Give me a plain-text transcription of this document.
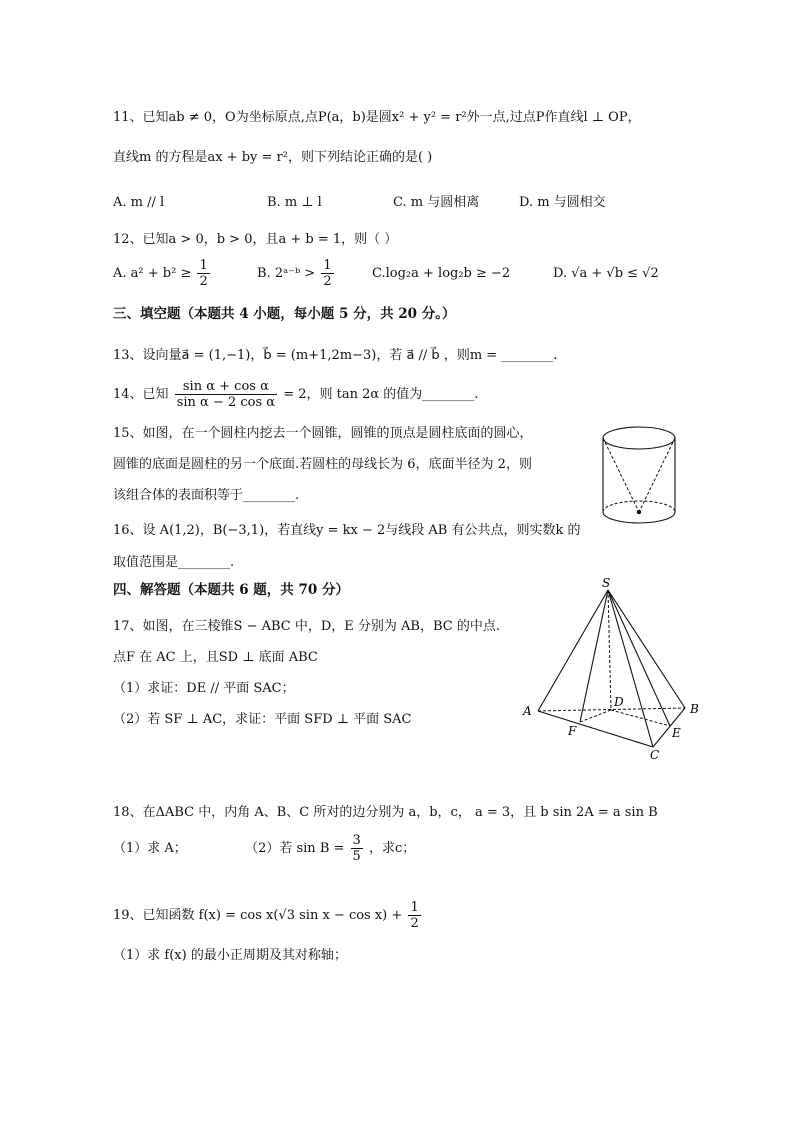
11、已知ab ≠ 0，O为坐标原点,点P(a，b)是圆x² + y² = r²外一点,过点P作直线l ⊥ OP，
直线m 的方程是ax + by = r²，则下列结论正确的是( )
A. m // l	B. m ⊥ l	C. m 与圆相离	D. m 与圆相交
12、已知a > 0，b > 0，且a + b = 1，则（ ）
A. $a^2 + b^2 \ge \frac{1}{2}$	B. 2ᵃ⁻ᵇ > $\frac{1}{2}$	C.log₂a + log₂b ≥ −2	D. √a + √b ≤ √2
三、填空题（本题共 4 小题，每小题 5 分，共 20 分。）
13、设向量a⃗ = (1,−1)，b⃗ = (m+1,2m−3)，若 a⃗ // b⃗ ，则m = ________.
14、已知 $\frac{\text{sin α + cos α}}{\text{sin α − 2 cos α}} = 2$，则 tan 2α 的值为________.
15、如图，在一个圆柱内挖去一个圆锥，圆锥的顶点是圆柱底面的圆心，
圆锥的底面是圆柱的另一个底面.若圆柱的母线长为 6，底面半径为 2，则
该组合体的表面积等于________.
16、设 A(1,2)，B(−3,1)，若直线y = kx − 2与线段 AB 有公共点，则实数k 的
取值范围是________.
四、解答题（本题共 6 题，共 70 分）
17、如图，在三棱锥S − ABC 中，D，E 分别为 AB，BC 的中点.
点F 在 AC 上，且SD ⊥ 底面 ABC
（1）求证：DE // 平面 SAC；
（2）若 SF ⊥ AC，求证：平面 SFD ⊥ 平面 SAC
S
A	B
C
D
E
F
18、在ΔABC 中，内角 A、B、C 所对的边分别为 a，b，c， a = 3，且 b sin 2A = a sin B
（1）求 A；	（2）若 $\sin B = \frac{3}{5}$ ，求c；
19、已知函数 f(x) = cos x(√3 $\sin x - \cos x) + \frac{1}{2}$
（1）求 f(x) 的最小正周期及其对称轴；
